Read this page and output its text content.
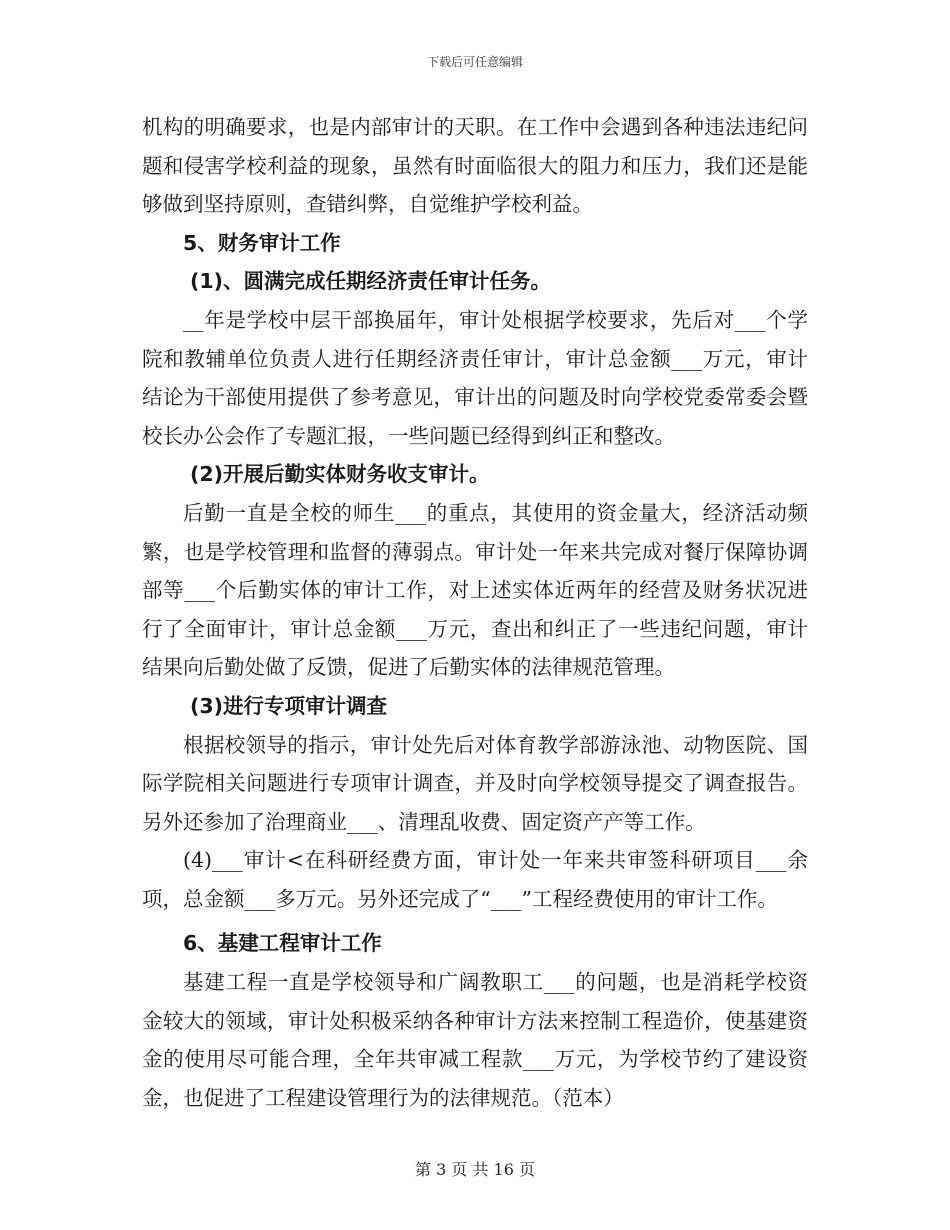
下载后可任意编辑

机构的明确要求，也是内部审计的天职。在工作中会遇到各种违法违纪问题和侵害学校利益的现象，虽然有时面临很大的阻力和压力，我们还是能够做到坚持原则，查错纠弊，自觉维护学校利益。

5、财务审计工作

(1)、圆满完成任期经济责任审计任务。

__年是学校中层干部换届年，审计处根据学校要求，先后对___个学院和教辅单位负责人进行任期经济责任审计，审计总金额___万元，审计结论为干部使用提供了参考意见，审计出的问题及时向学校党委常委会暨校长办公会作了专题汇报，一些问题已经得到纠正和整改。

(2)开展后勤实体财务收支审计。

后勤一直是全校的师生___的重点，其使用的资金量大，经济活动频繁，也是学校管理和监督的薄弱点。审计处一年来共完成对餐厅保障协调部等___个后勤实体的审计工作，对上述实体近两年的经营及财务状况进行了全面审计，审计总金额___万元，查出和纠正了一些违纪问题，审计结果向后勤处做了反馈，促进了后勤实体的法律规范管理。

(3)进行专项审计调查

根据校领导的指示，审计处先后对体育教学部游泳池、动物医院、国际学院相关问题进行专项审计调查，并及时向学校领导提交了调查报告。另外还参加了治理商业___、清理乱收费、固定资产产等工作。

(4)___审计<在科研经费方面，审计处一年来共审签科研项目___余项，总金额___多万元。另外还完成了“___”工程经费使用的审计工作。

6、基建工程审计工作

基建工程一直是学校领导和广阔教职工___的问题，也是消耗学校资金较大的领域，审计处积极采纳各种审计方法来控制工程造价，使基建资金的使用尽可能合理，全年共审减工程款___万元，为学校节约了建设资金，也促进了工程建设管理行为的法律规范。（范本）

第 3 页 共 16 页
